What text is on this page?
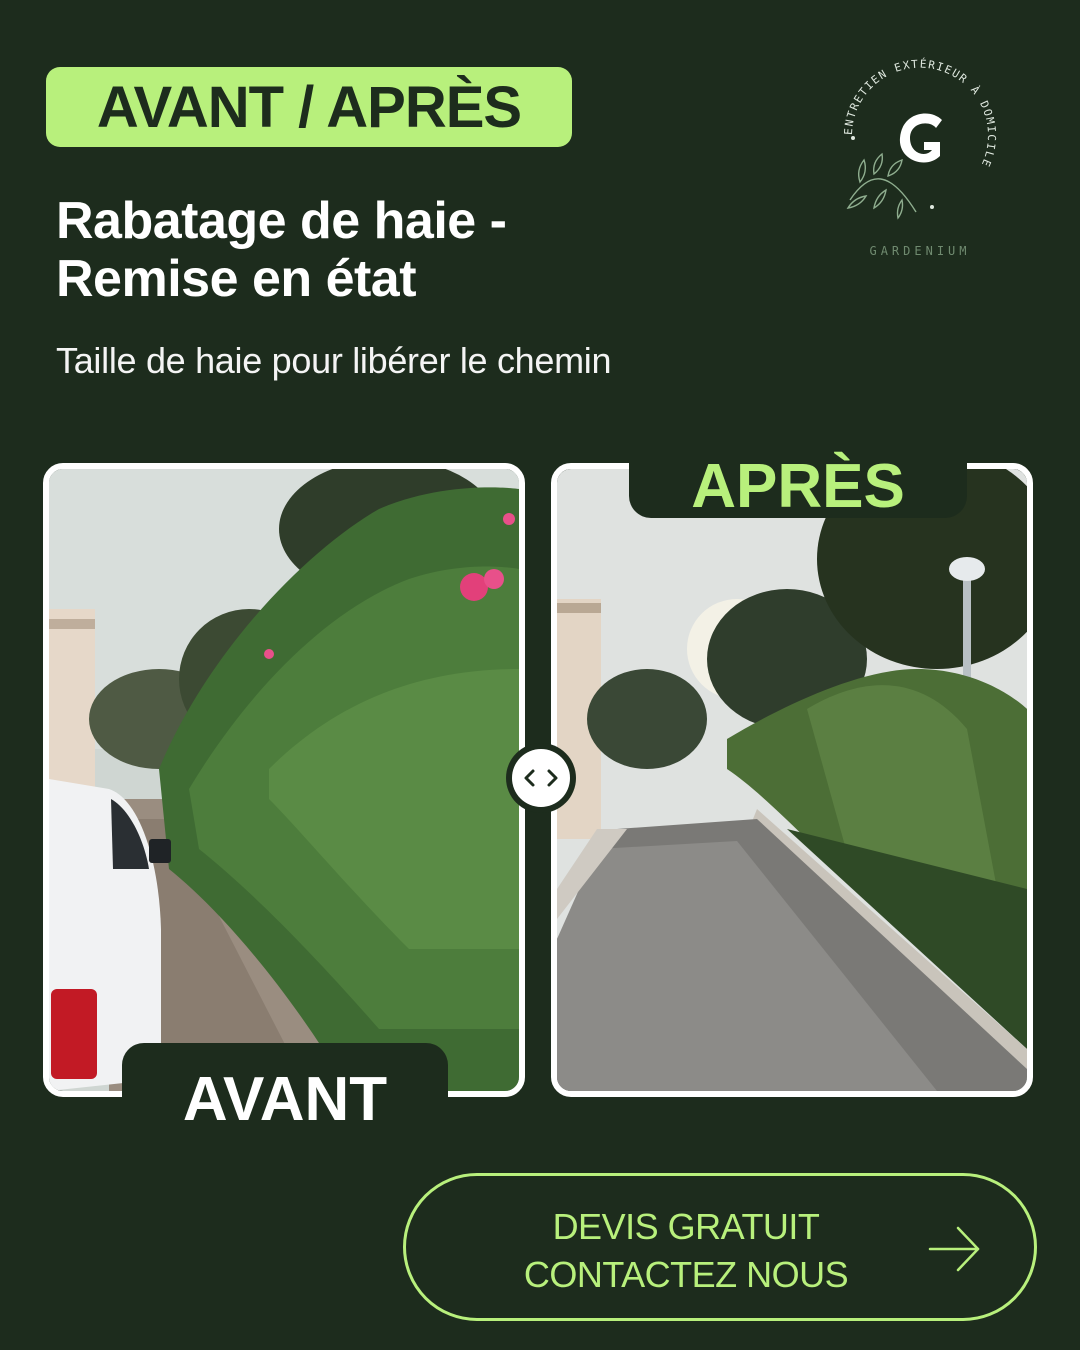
AVANT / APRÈS
Rabatage de haie -
Remise en état
Taille de haie pour libérer le chemin
ENTRETIEN EXTÉRIEUR À DOMICILE
GARDENIUM
APRÈS
AVANT
DEVIS GRATUIT
CONTACTEZ NOUS
